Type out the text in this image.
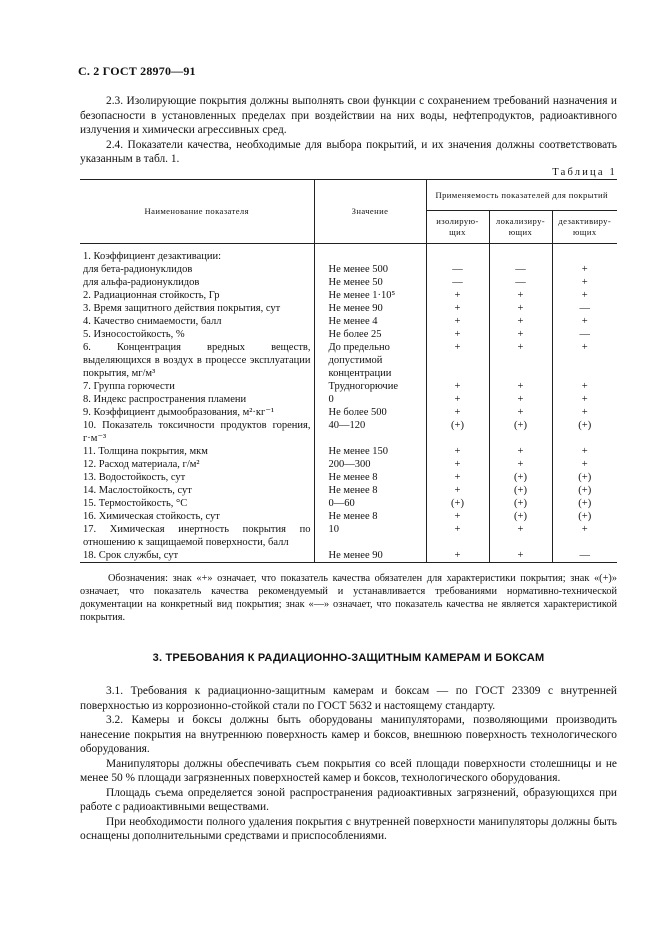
С. 2 ГОСТ 28970—91

2.3. Изолирующие покрытия должны выполнять свои функции с сохранением требований назначения и безопасности в установленных пределах при воздействии на них воды, нефтепродуктов, радиоактивного излучения и химически агрессивных сред.

2.4. Показатели качества, необходимые для выбора покрытий, и их значения должны соответствовать указанным в табл. 1.

Таблица 1
Наименование показателя	Значение	Применяемость показателей для покрытий		
		изолирую-щих	локализиру-ющих	дезактивиру-ющих
1. Коэффициент дезактивации:				
для бета-радионуклидов	Не менее 500	—	—	+
для альфа-радионуклидов	Не менее 50	—	—	+
2. Радиационная стойкость, Гр	Не менее 1·10⁵	+	+	+
3. Время защитного действия покрытия, сут	Не менее 90	+	+	—
4. Качество снимаемости, балл	Не менее 4	+	+	+
5. Износостойкость, %	Не более 25	+	+	—
6. Концентрация вредных веществ, выделяющихся в воздух в процессе эксплуатации покрытия, мг/м³	До предельно допустимой концентрации	+	+	+
7. Группа горючести	Трудногорючие	+	+	+
8. Индекс распространения пламени	0	+	+	+
9. Коэффициент дымообразования, м²·кг⁻¹	Не более 500	+	+	+
10. Показатель токсичности продуктов горения, г·м⁻³	40—120	(+)	(+)	(+)
11. Толщина покрытия, мкм	Не менее 150	+	+	+
12. Расход материала, г/м²	200—300	+	+	+
13. Водостойкость, сут	Не менее 8	+	(+)	(+)
14. Маслостойкость, сут	Не менее 8	+	(+)	(+)
15. Термостойкость, °С	0—60	(+)	(+)	(+)
16. Химическая стойкость, сут	Не менее 8	+	(+)	(+)
17. Химическая инертность покрытия по отношению к защищаемой поверхности, балл	10	+	+	+
18. Срок службы, сут	Не менее 90	+	+	—
Обозначения: знак «+» означает, что показатель качества обязателен для характеристики покрытия; знак «(+)» означает, что показатель качества рекомендуемый и устанавливается требованиями нормативно-технической документации на конкретный вид покрытия; знак «—» означает, что показатель качества не является характеристикой покрытия.
3. ТРЕБОВАНИЯ К РАДИАЦИОННО-ЗАЩИТНЫМ КАМЕРАМ И БОКСАМ

3.1. Требования к радиационно-защитным камерам и боксам — по ГОСТ 23309 с внутренней поверхностью из коррозионно-стойкой стали по ГОСТ 5632 и настоящему стандарту.

3.2. Камеры и боксы должны быть оборудованы манипуляторами, позволяющими производить нанесение покрытия на внутреннюю поверхность камер и боксов, внешнюю поверхность технологического оборудования.

Манипуляторы должны обеспечивать съем покрытия со всей площади поверхности столешницы и не менее 50 % площади загрязненных поверхностей камер и боксов, технологического оборудования.

Площадь съема определяется зоной распространения радиоактивных загрязнений, образующихся при работе с радиоактивными веществами.

При необходимости полного удаления покрытия с внутренней поверхности манипуляторы должны быть оснащены дополнительными средствами и приспособлениями.
